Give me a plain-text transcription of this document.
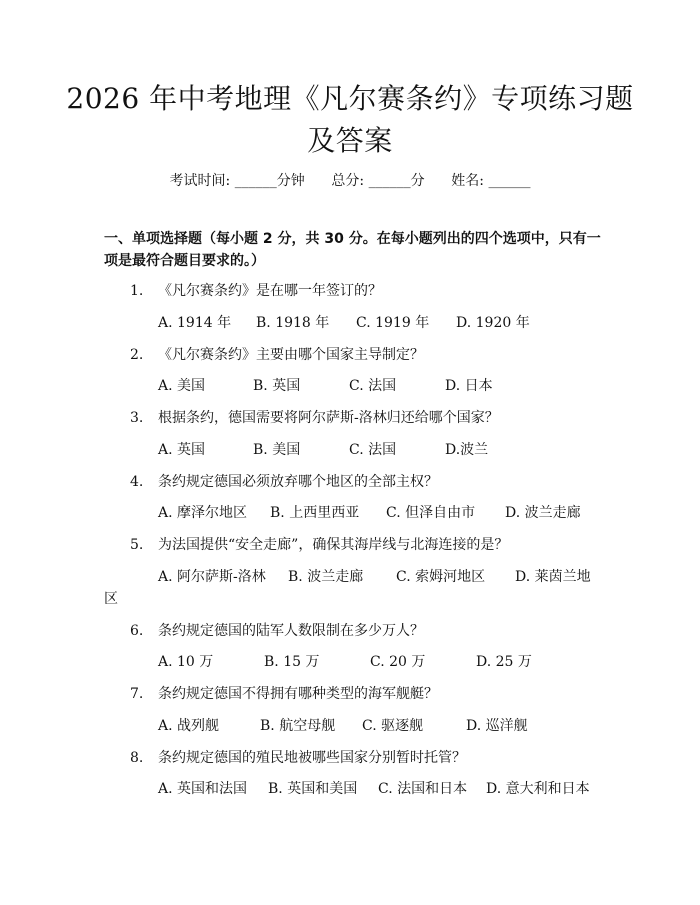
2026 年中考地理《凡尔赛条约》专项练习题
及答案
考试时间: ______分钟      总分: ______分      姓名: ______
一、单项选择题（每小题 2 分，共 30 分。在每小题列出的四个选项中，只有一项是最符合题目要求的。）
1. 《凡尔赛条约》是在哪一年签订的？
A. 1914 年 B. 1918 年 C. 1919 年 D. 1920 年
2. 《凡尔赛条约》主要由哪个国家主导制定？
A. 美国	B. 英国	C. 法国	D. 日本
3. 根据条约，德国需要将阿尔萨斯-洛林归还给哪个国家？
A. 英国	B. 美国	C. 法国	D.波兰
4. 条约规定德国必须放弃哪个地区的全部主权？
A. 摩泽尔地区 B. 上西里西亚 C. 但泽自由市 D. 波兰走廊
5. 为法国提供“安全走廊”，确保其海岸线与北海连接的是？
A. 阿尔萨斯-洛林 B. 波兰走廊 C. 索姆河地区 D. 莱茵兰地
区
6. 条约规定德国的陆军人数限制在多少万人？
A. 10 万	B. 15 万	C. 20 万	D. 25 万
7. 条约规定德国不得拥有哪种类型的海军舰艇？
A. 战列舰	B. 航空母舰 C. 驱逐舰	D. 巡洋舰
8. 条约规定德国的殖民地被哪些国家分别暂时托管？
A. 英国和法国 B. 英国和美国 C. 法国和日本 D. 意大利和日本
